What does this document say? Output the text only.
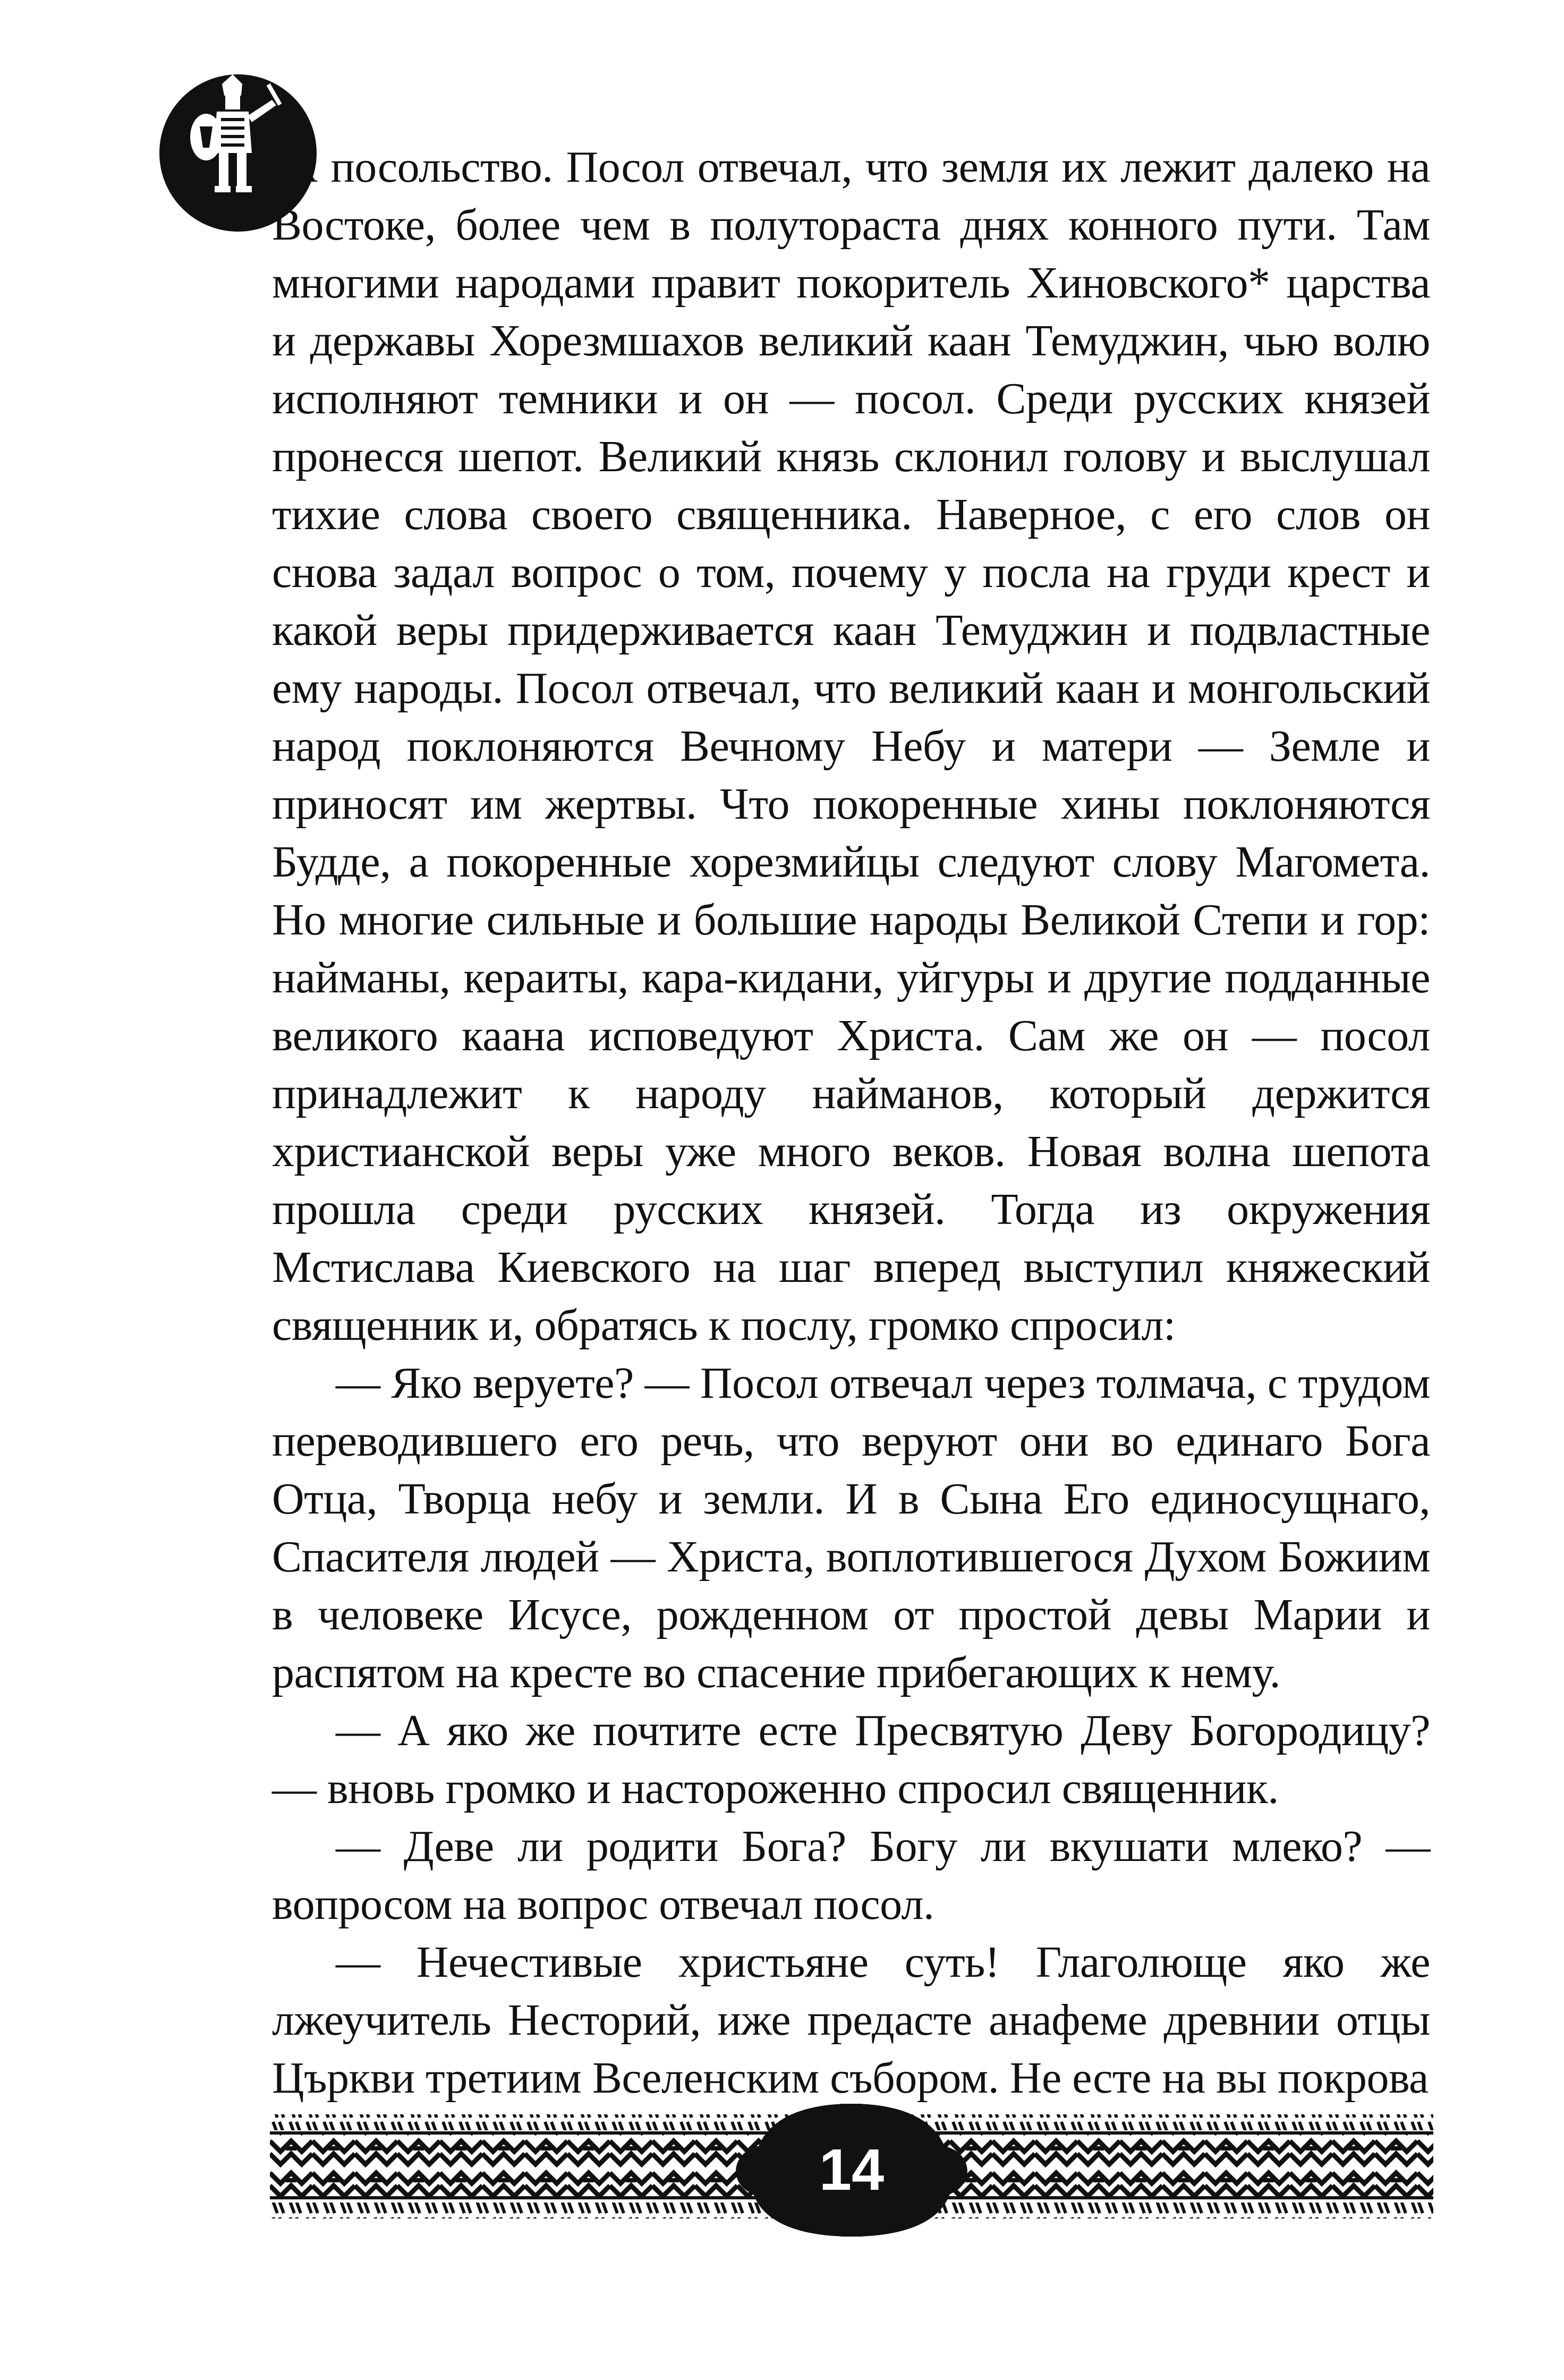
их посольство. Посол отвечал, что земля их лежит далеко на Востоке, более чем в полутораста днях конного пути. Там многими народами правит покоритель Хиновского* царства и державы Хорезмшахов великий каан Темуджин, чью волю исполняют темники и он — посол. Среди русских князей пронесся шепот. Великий князь склонил голову и выслушал тихие слова своего священника. Наверное, с его слов он снова задал вопрос о том, почему у посла на груди крест и какой веры придерживается каан Темуджин и подвластные ему народы. Посол отвечал, что великий каан и монгольский народ поклоняются Вечному Небу и матери — Земле и приносят им жертвы. Что покоренные хины поклоняются Будде, а покоренные хорезмийцы следуют слову Магомета. Но многие сильные и большие народы Великой Степи и гор: найманы, кераиты, кара-кидани, уйгуры и другие подданные великого каана исповедуют Христа. Сам же он — посол принадлежит к народу найманов, который держится христианской веры уже много веков. Новая волна шепота прошла среди русских князей. Тогда из окружения Мстислава Киевского на шаг вперед выступил княжеский священник и, обратясь к послу, громко спросил:

— Яко веруете? — Посол отвечал через толмача, с трудом переводившего его речь, что веруют они во единаго Бога Отца, Творца небу и земли. И в Сына Его единосущнаго, Спасителя людей — Христа, воплотившегося Духом Божиим в человеке Исусе, рожденном от простой девы Марии и распятом на кресте во спасение прибегающих к нему.

— А яко же почтите есте Пресвятую Деву Богородицу? — вновь громко и настороженно спросил священник.

— Деве ли родити Бога? Богу ли вкушати млеко? — вопросом на вопрос отвечал посол.

— Нечестивые христьяне суть! Глаголюще яко же лжеучитель Несторий, иже предасте анафеме древнии отцы Църкви третиим Вселенским събором. Не есте на вы покрова

14
